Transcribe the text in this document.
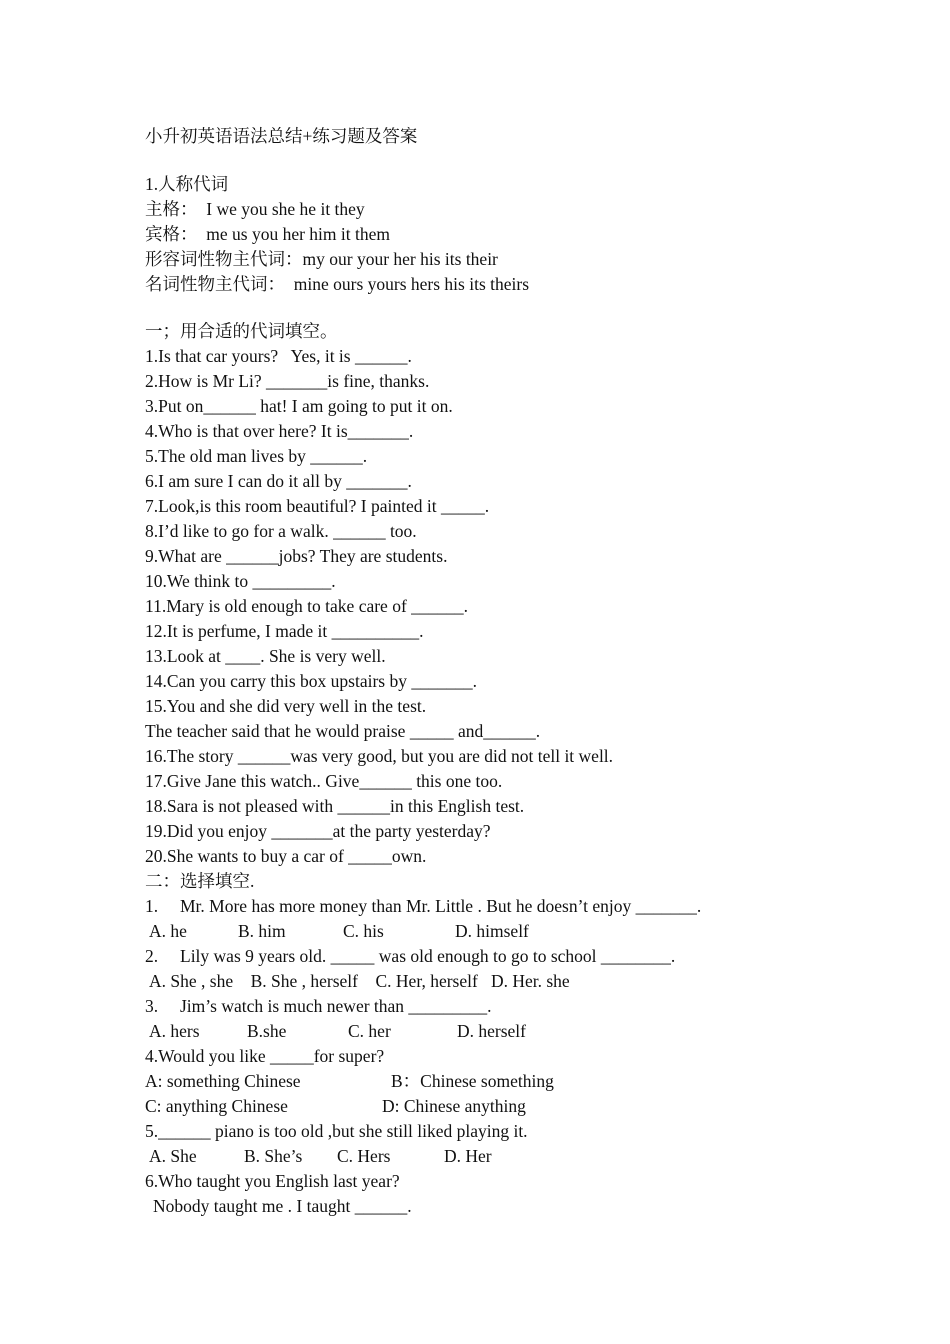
小升初英语语法总结+练习题及答案
1.人称代词
主格：  I we you she he it they
宾格：  me us you her him it them
形容词性物主代词：my our your her his its their
名词性物主代词：  mine ours yours hers his its theirs
一；用合适的代词填空。
1.Is that car yours?   Yes, it is ______.
2.How is Mr Li? _______is fine, thanks.
3.Put on______ hat! I am going to put it on.
4.Who is that over here? It is_______.
5.The old man lives by ______.
6.I am sure I can do it all by _______.
7.Look,is this room beautiful? I painted it _____.
8.I’d like to go for a walk. ______ too.
9.What are ______jobs? They are students.
10.We think to _________.
11.Mary is old enough to take care of ______.
12.It is perfume, I made it __________.
13.Look at ____. She is very well.
14.Can you carry this box upstairs by _______.
15.You and she did very well in the test.
The teacher said that he would praise _____ and______.
16.The story ______was very good, but you are did not tell it well.
17.Give Jane this watch.. Give______ this one too.
18.Sara is not pleased with ______in this English test.
19.Did you enjoy _______at the party yesterday?
20.She wants to buy a car of _____own.
二：选择填空.
1.     Mr. More has more money than Mr. Little . But he doesn’t enjoy _______.
A. he	B. him	C. his	D. himself
2.     Lily was 9 years old. _____ was old enough to go to school ________.
A. She , she    B. She , herself    C. Her, herself   D. Her. she
3.     Jim’s watch is much newer than _________.
A. hers	B.she	C. her	D. herself
4.Would you like _____for super?
A: something Chinese	B：Chinese something
C: anything Chinese	D: Chinese anything
5.______ piano is too old ,but she still liked playing it.
A. She	B. She’s C. Hers	D. Her
6.Who taught you English last year?
Nobody taught me . I taught ______.
